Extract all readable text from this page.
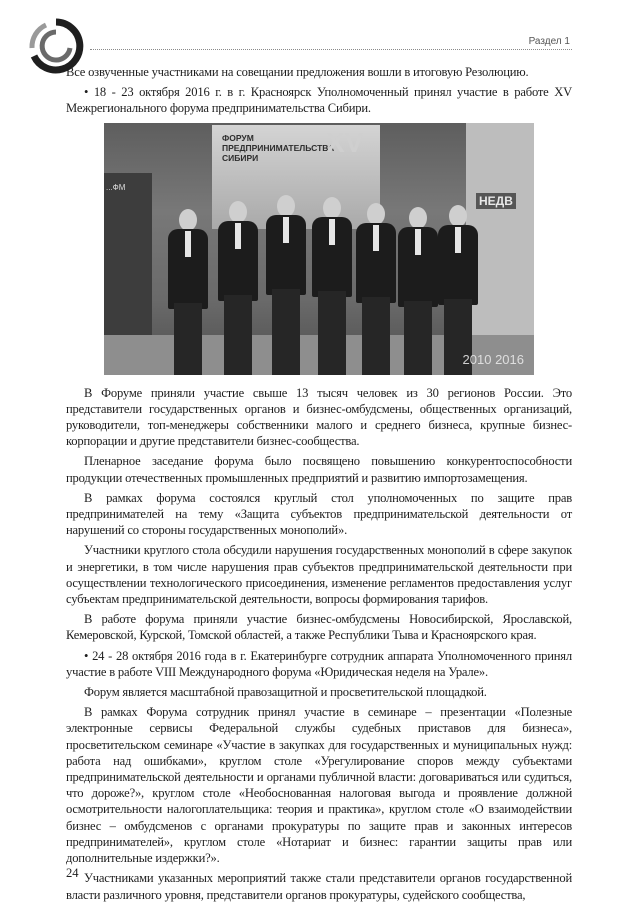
Раздел 1

Все озвученные участниками на совещании предложения вошли в итоговую Резолюцию.

• 18 - 23 октября 2016 г. в г. Красноярск Уполномоченный принял участие в работе XV Межрегионального форума предпринимательства Сибири.

...ФМ
ФОРУМ ПРЕДПРИНИМАТЕЛЬСТВА СИБИРИ	XV
НЕДВ
2010 2016

В Форуме приняли участие свыше 13 тысяч человек из 30 регионов России. Это представители государственных органов и бизнес-омбудсмены, общественных организаций, руководители, топ-менеджеры собственники малого и среднего бизнеса, крупные бизнес-корпорации и другие представители бизнес-сообщества.

Пленарное заседание форума было посвящено повышению конкурентоспособности продукции отечественных промышленных предприятий и развитию импортозамещения.

В рамках форума состоялся круглый стол уполномоченных по защите прав предпринимателей на тему «Защита субъектов предпринимательской деятельности от нарушений со стороны государственных монополий».

Участники круглого стола обсудили нарушения государственных монополий в сфере закупок и энергетики, в том числе нарушения прав субъектов предпринимательской деятельности при осуществлении технологического присоединения, изменение регламентов предоставления услуг субъектам предпринимательской деятельности, вопросы формирования тарифов.

В работе форума приняли участие бизнес-омбудсмены Новосибирской, Ярославской, Кемеровской, Курской, Томской областей, а также Республики Тыва и Красноярского края.

• 24 - 28 октября 2016 года в г. Екатеринбурге сотрудник аппарата Уполномоченного принял участие в работе VIII Международного форума «Юридическая неделя на Урале».

Форум является масштабной правозащитной и просветительской площадкой.

В рамках Форума сотрудник принял участие в семинаре – презентации «Полезные электронные сервисы Федеральной службы судебных приставов для бизнеса», просветительском семинаре «Участие в закупках для государственных и муниципальных нужд: работа над ошибками», круглом столе «Урегулирование споров между субъектами предпринимательской деятельности и органами публичной власти: договариваться или судиться, что дороже?», круглом столе «Необоснованная налоговая выгода и проявление должной осмотрительности налогоплательщика: теория и практика», круглом столе «О взаимодействии бизнес – омбудсменов с органами прокуратуры по защите прав и законных интересов предпринимателей», круглом столе «Нотариат и бизнес: гарантии защиты прав или дополнительные издержки?».

Участниками указанных мероприятий также стали представители органов государственной власти различного уровня, представители органов прокуратуры, судейского сообщества,

24
